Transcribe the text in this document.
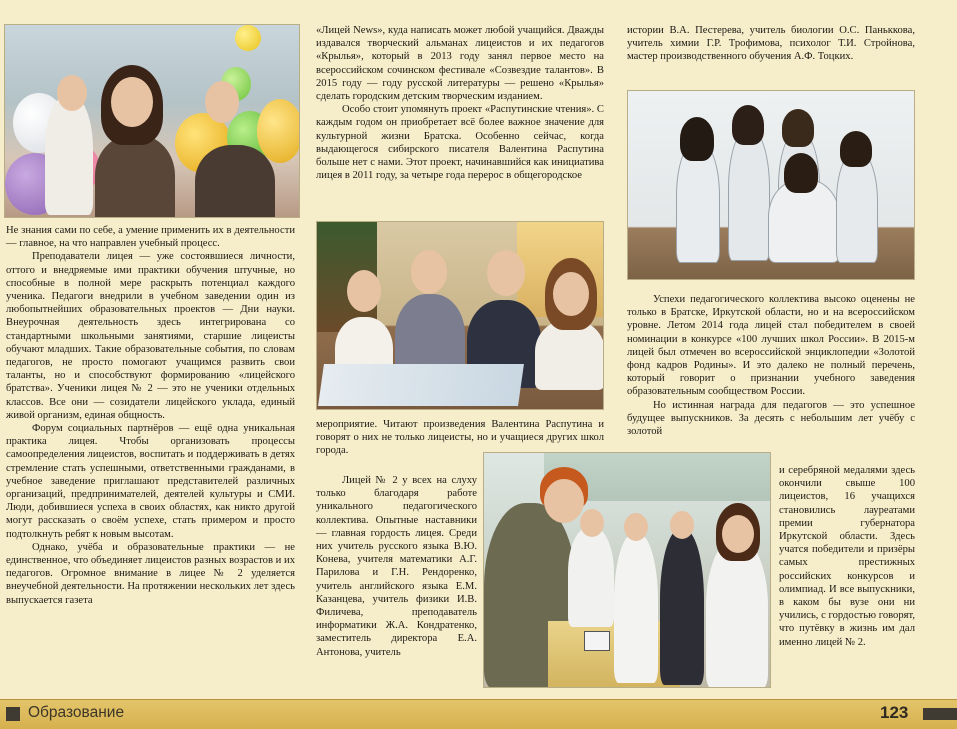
Не знания сами по себе, а умение применить их в деятельности — главное, на что направлен учебный процесс.

Преподаватели лицея — уже состоявшиеся личности, оттого и внедряемые ими практики обучения штучные, но способные в полной мере раскрыть потенциал каждого ученика. Педагоги внедрили в учебном заведении один из любопытнейших образовательных проектов — Дни науки. Внеурочная деятельность здесь интегрирована со стандартными школьными занятиями, старшие лицеисты обучают младших. Такие образовательные события, по словам педагогов, не просто помогают учащимся развить свои таланты, но и способствуют формированию «лицейского братства». Ученики лицея № 2 — это не ученики отдельных классов. Все они — созидатели лицейского уклада, единый живой организм, единая общность.

Форум социальных партнёров — ещё одна уникальная практика лицея. Чтобы организовать процессы самоопределения лицеистов, воспитать и поддерживать в детях стремление стать успешными, ответственными гражданами, в учебное заведение приглашают представителей различных организаций, предпринимателей, деятелей культуры и СМИ. Люди, добившиеся успеха в своих областях, как никто другой могут рассказать о своём успехе, стать примером и просто подтолкнуть ребят к новым высотам.

Однако, учёба и образовательные практики — не единственное, что объединяет лицеистов разных возрастов и их педагогов. Огромное внимание в лицее № 2 уделяется внеучебной деятельности. На протяжении нескольких лет здесь выпускается газета

«Лицей News», куда написать может любой учащийся. Дважды издавался творческий альманах лицеистов и их педагогов «Крылья», который в 2013 году занял первое место на всероссийском сочинском фестивале «Созвездие талантов». В 2015 году — году русской литературы — решено «Крылья» сделать городским детским творческим изданием.

Особо стоит упомянуть проект «Распутинские чтения». С каждым годом он приобретает всё более важное значение для культурной жизни Братска. Особенно сейчас, когда выдающегося сибирского писателя Валентина Распутина больше нет с нами. Этот проект, начинавшийся как инициатива лицея в 2011 году, за четыре года перерос в общегородское

мероприятие. Читают произведения Валентина Распутина и говорят о них не только лицеисты, но и учащиеся других школ города.

Лицей № 2 у всех на слуху только благодаря работе уникального педагогического коллектива. Опытные наставники — главная гордость лицея. Среди них учитель русского языка В.Ю. Конева, учителя математики А.Г. Парилова и Г.Н. Рендоренко, учитель английского языка Е.М. Казанцева, учитель физики И.В. Филичева, преподаватель информатики Ж.А. Кондратенко, заместитель директора Е.А. Антонова, учитель

истории В.А. Пестерева, учитель биологии О.С. Паньккова, учитель химии Г.Р. Трофимова, психолог Т.И. Стройнова, мастер производственного обучения А.Ф. Тоцких.

Успехи педагогического коллектива высоко оценены не только в Братске, Иркутской области, но и на всероссийском уровне. Летом 2014 года лицей стал победителем в своей номинации в конкурсе «100 лучших школ России». В 2015-м лицей был отмечен во всероссийской энциклопедии «Золотой фонд кадров Родины». И это далеко не полный перечень, который говорит о признании учебного заведения образовательным сообществом России.

Но истинная награда для педагогов — это успешное будущее выпускников. За десять с небольшим лет учёбу с золотой

и серебряной медалями здесь окончили свыше 100 лицеистов, 16 учащихся становились лауреатами премии губернатора Иркутской области. Здесь учатся победители и призёры самых престижных российских конкурсов и олимпиад. И все выпускники, в каком бы вузе они ни учились, с гордостью говорят, что путёвку в жизнь им дал именно лицей № 2.

Образование	123
